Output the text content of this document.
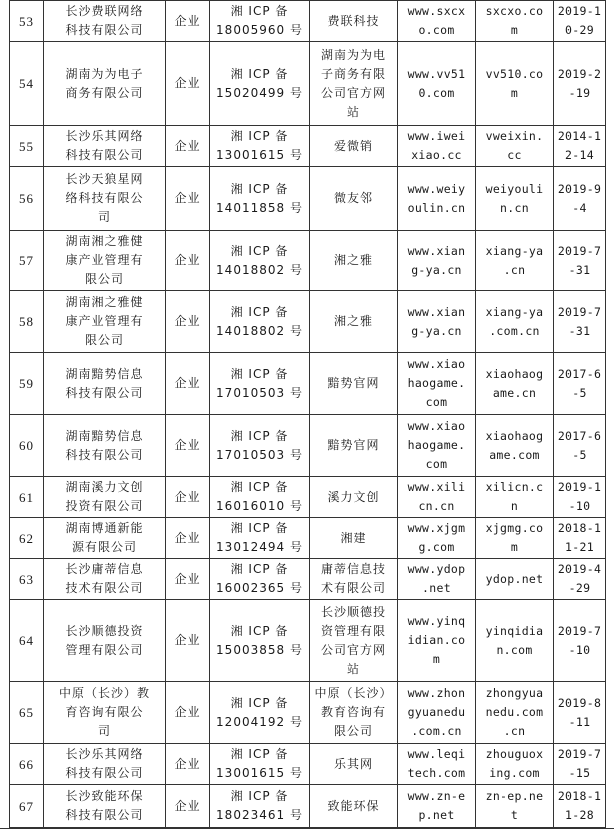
53	长沙费联网络
科技有限公司	企业	湘 ICP 备
18005960 号	费联科技	www.sxcx
o.com	sxcxo.co
m	2019-1
0-29

54	湖南为为电子
商务有限公司	企业	湘 ICP 备
15020499 号	湖南为为电
子商务有限
公司官方网
站	www.vv51
0.com	vv510.co
m	2019-2
-19

55	长沙乐其网络
科技有限公司	企业	湘 ICP 备
13001615 号	爱微销	www.iwei
xiao.cc	vweixin.
cc	2014-1
2-14

56	长沙天狼星网
络科技有限公
司	企业	湘 ICP 备
14011858 号	微友邻	www.weiy
oulin.cn	weiyouli
n.cn	2019-9
-4

57	湖南湘之雅健
康产业管理有
限公司	企业	湘 ICP 备
14018802 号	湘之雅	www.xian
g-ya.cn	xiang-ya
.cn	2019-7
-31

58	湖南湘之雅健
康产业管理有
限公司	企业	湘 ICP 备
14018802 号	湘之雅	www.xian
g-ya.cn	xiang-ya
.com.cn	2019-7
-31

59	湖南黯势信息
科技有限公司	企业	湘 ICP 备
17010503 号	黯势官网	www.xiao
haogame.
com	xiaohaog
ame.cn	2017-6
-5

60	湖南黯势信息
科技有限公司	企业	湘 ICP 备
17010503 号	黯势官网	www.xiao
haogame.
com	xiaohaog
ame.com	2017-6
-5

61	湖南溪力文创
投资有限公司	企业	湘 ICP 备
16016010 号	溪力文创	www.xili
cn.cn	xilicn.c
n	2019-1
-10

62	湖南博通新能
源有限公司	企业	湘 ICP 备
13012494 号	湘建	www.xjgm
g.com	xjgmg.co
m	2018-1
1-21

63	长沙庸蒂信息
技术有限公司	企业	湘 ICP 备
16002365 号	庸蒂信息技
术有限公司	www.ydop
.net	ydop.net	2019-4
-29

64	长沙顺德投资
管理有限公司	企业	湘 ICP 备
15003858 号	长沙顺德投
资管理有限
公司官方网
站	www.yinq
idian.co
m	yinqidia
n.com	2019-7
-10

65	中原（长沙）教
育咨询有限公
司	企业	湘 ICP 备
12004192 号	中原（长沙）
教育咨询有
限公司	www.zhon
gyuanedu
.com.cn	zhongyua
nedu.com
.cn	2019-8
-11

66	长沙乐其网络
科技有限公司	企业	湘 ICP 备
13001615 号	乐其网	www.leqi
tech.com	zhouguox
ing.com	2019-7
-15

67	长沙致能环保
科技有限公司	企业	湘 ICP 备
18023461 号	致能环保	www.zn-e
p.net	zn-ep.ne
t	2018-1
1-28
